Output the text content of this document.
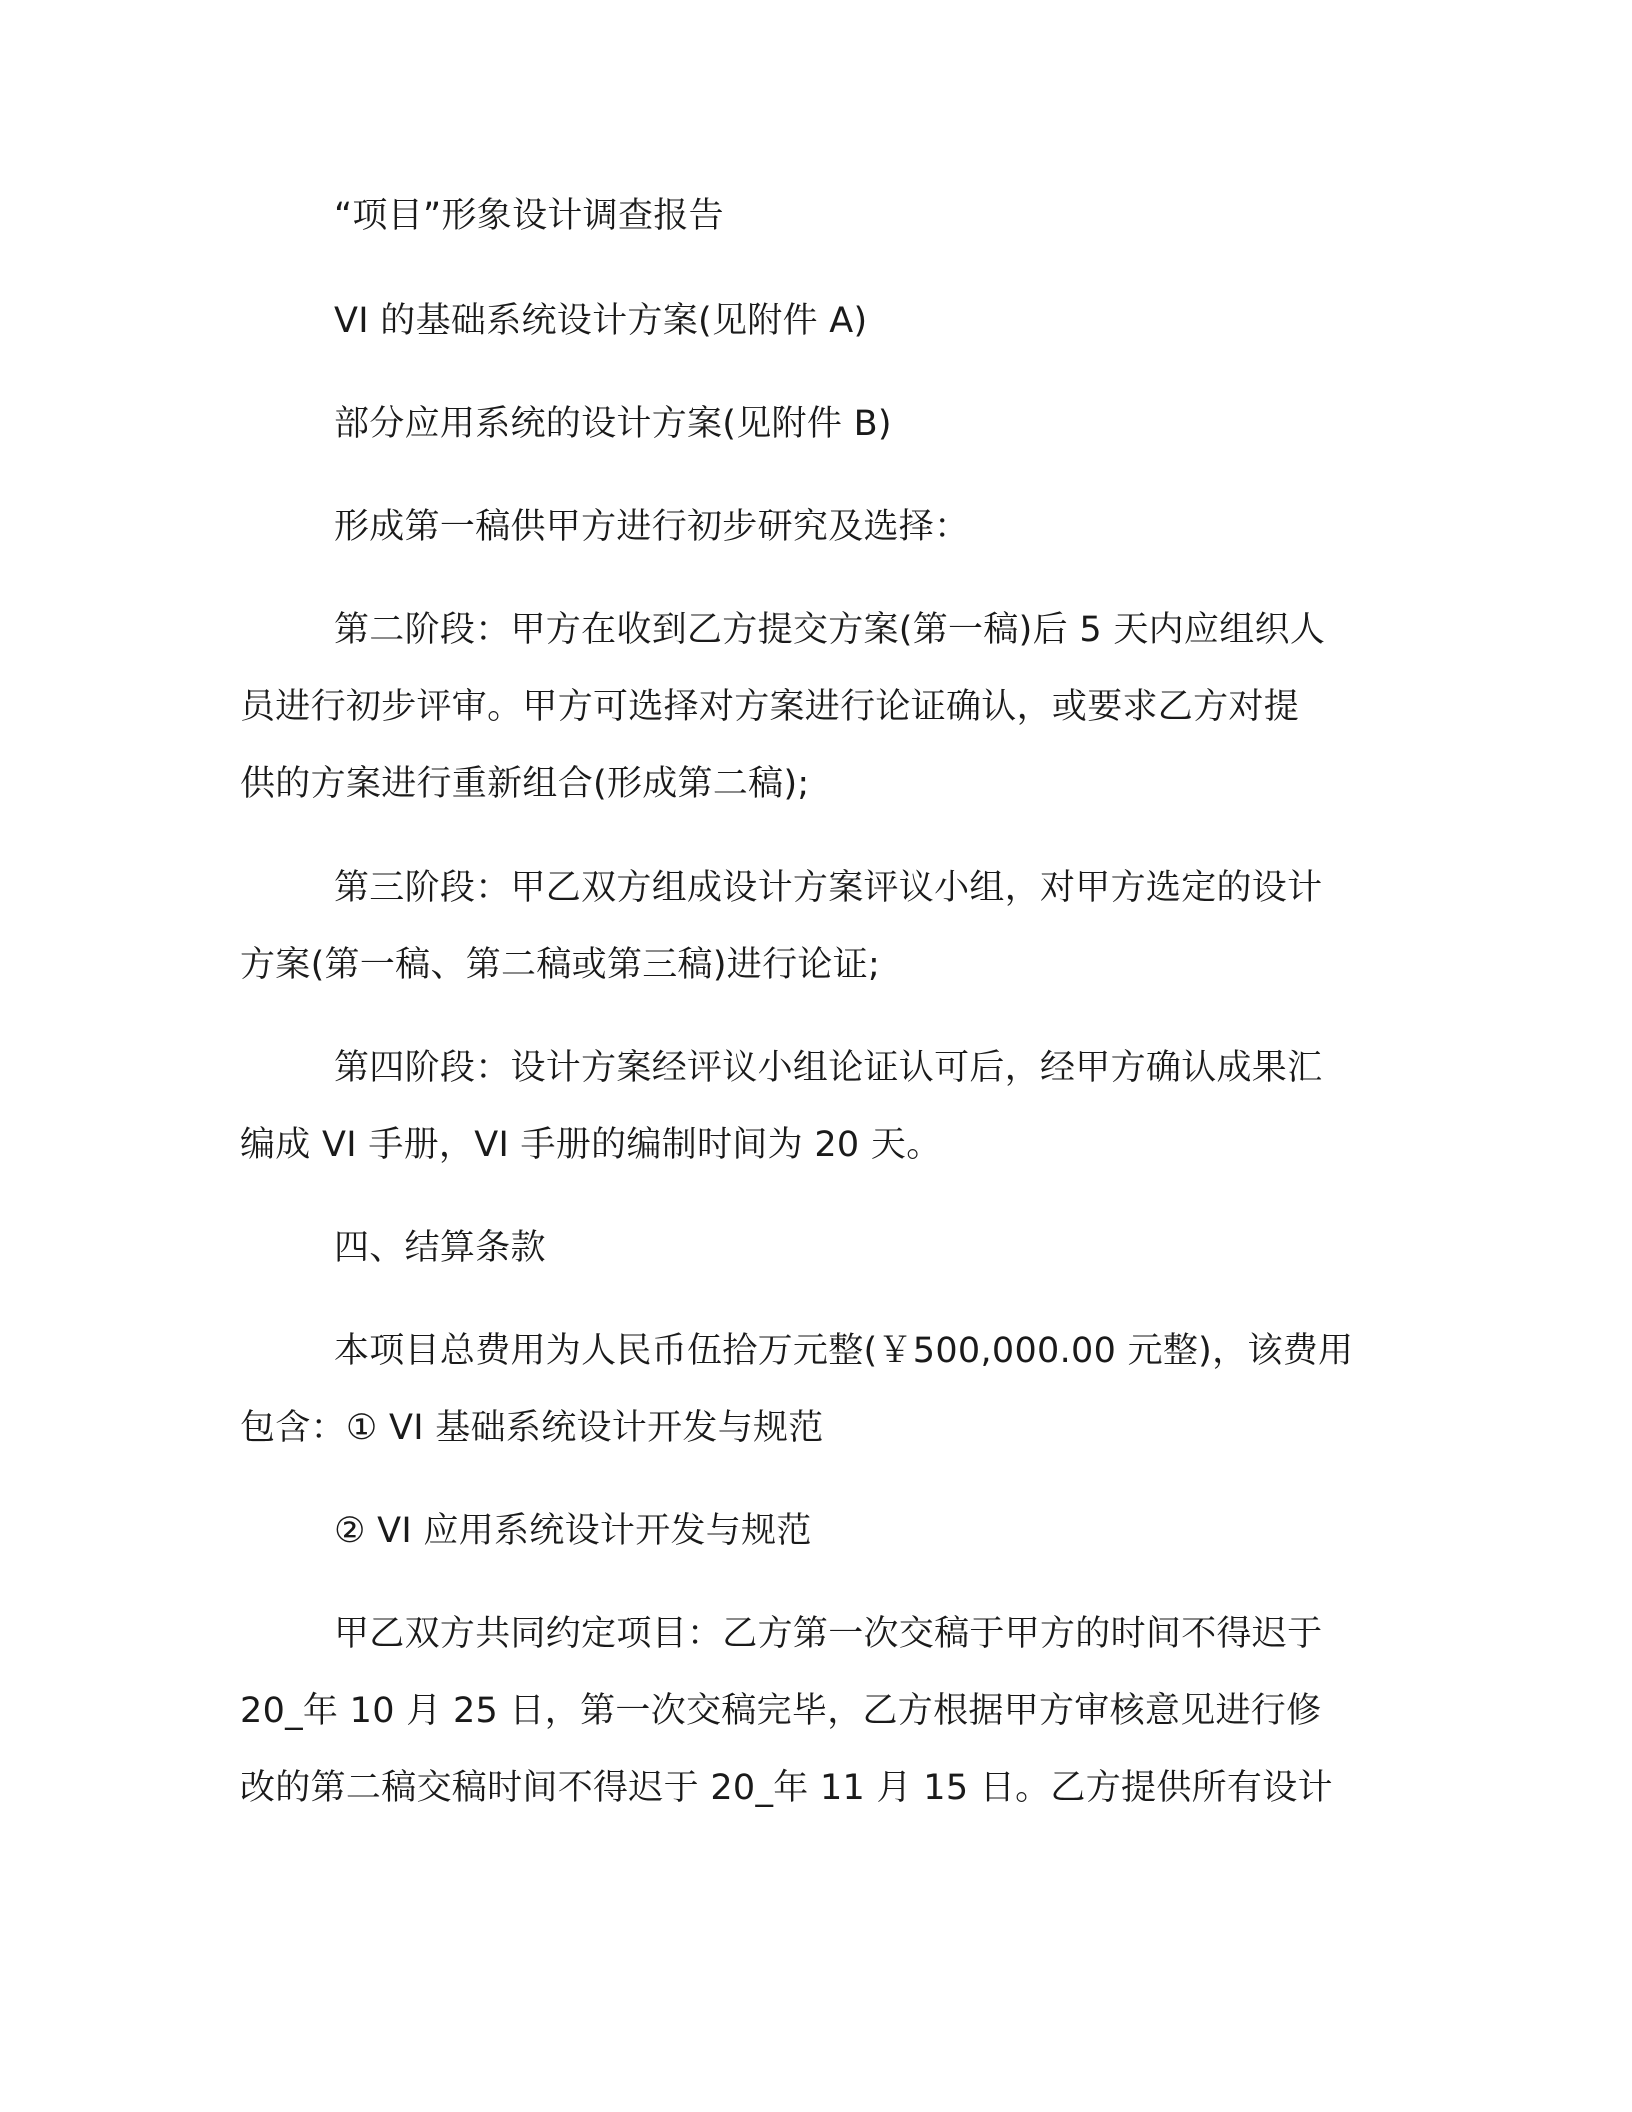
“项目”形象设计调查报告

VI 的基础系统设计方案(见附件 A)

部分应用系统的设计方案(见附件 B)

形成第一稿供甲方进行初步研究及选择：

第二阶段：甲方在收到乙方提交方案(第一稿)后 5 天内应组织人
员进行初步评审。甲方可选择对方案进行论证确认，或要求乙方对提
供的方案进行重新组合(形成第二稿);
第三阶段：甲乙双方组成设计方案评议小组，对甲方选定的设计
方案(第一稿、第二稿或第三稿)进行论证;
第四阶段：设计方案经评议小组论证认可后，经甲方确认成果汇
编成 VI 手册，VI 手册的编制时间为 20 天。

四、结算条款

本项目总费用为人民币伍拾万元整(￥500,000.00 元整)，该费用
包含：① VI 基础系统设计开发与规范

② VI 应用系统设计开发与规范

甲乙双方共同约定项目：乙方第一次交稿于甲方的时间不得迟于
20_年 10 月 25 日，第一次交稿完毕，乙方根据甲方审核意见进行修
改的第二稿交稿时间不得迟于 20_年 11 月 15 日。乙方提供所有设计
